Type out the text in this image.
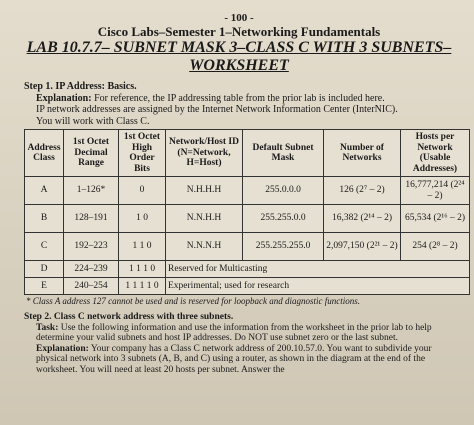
- 100 -
Cisco Labs–Semester 1–Networking Fundamentals
LAB 10.7.7– SUBNET MASK 3–CLASS C WITH 3 SUBNETS–
WORKSHEET
Step 1. IP Address: Basics.
Explanation: For reference, the IP addressing table from the prior lab is included here.
IP network addresses are assigned by the Internet Network Information Center (InterNIC).
You will work with Class C.
Address Class	1st Octet Decimal Range	1st Octet High Order Bits	Network/Host ID (N=Network, H=Host)	Default Subnet Mask	Number of Networks	Hosts per Network (Usable Addresses)
A	1–126*	0	N.H.H.H	255.0.0.0	126 (2⁷ – 2)	16,777,214 (2²⁴ – 2)
B	128–191	1 0	N.N.H.H	255.255.0.0	16,382 (2¹⁴ – 2)	65,534 (2¹⁶ – 2)
C	192–223	1 1 0	N.N.N.H	255.255.255.0	2,097,150 (2²¹ – 2)	254 (2⁸ – 2)
D	224–239	1 1 1 0	Reserved for Multicasting			
E	240–254	1 1 1 1 0	Experimental; used for research			
* Class A address 127 cannot be used and is reserved for loopback and diagnostic functions.
Step 2. Class C network address with three subnets.
Task: Use the following information and use the information from the worksheet in the prior lab to help determine your valid subnets and host IP addresses. Do NOT use subnet zero or the last subnet.
Explanation: Your company has a Class C network address of 200.10.57.0. You want to subdivide your physical network into 3 subnets (A, B, and C) using a router, as shown in the diagram at the end of the worksheet. You will need at least 20 hosts per subnet. Answer the
